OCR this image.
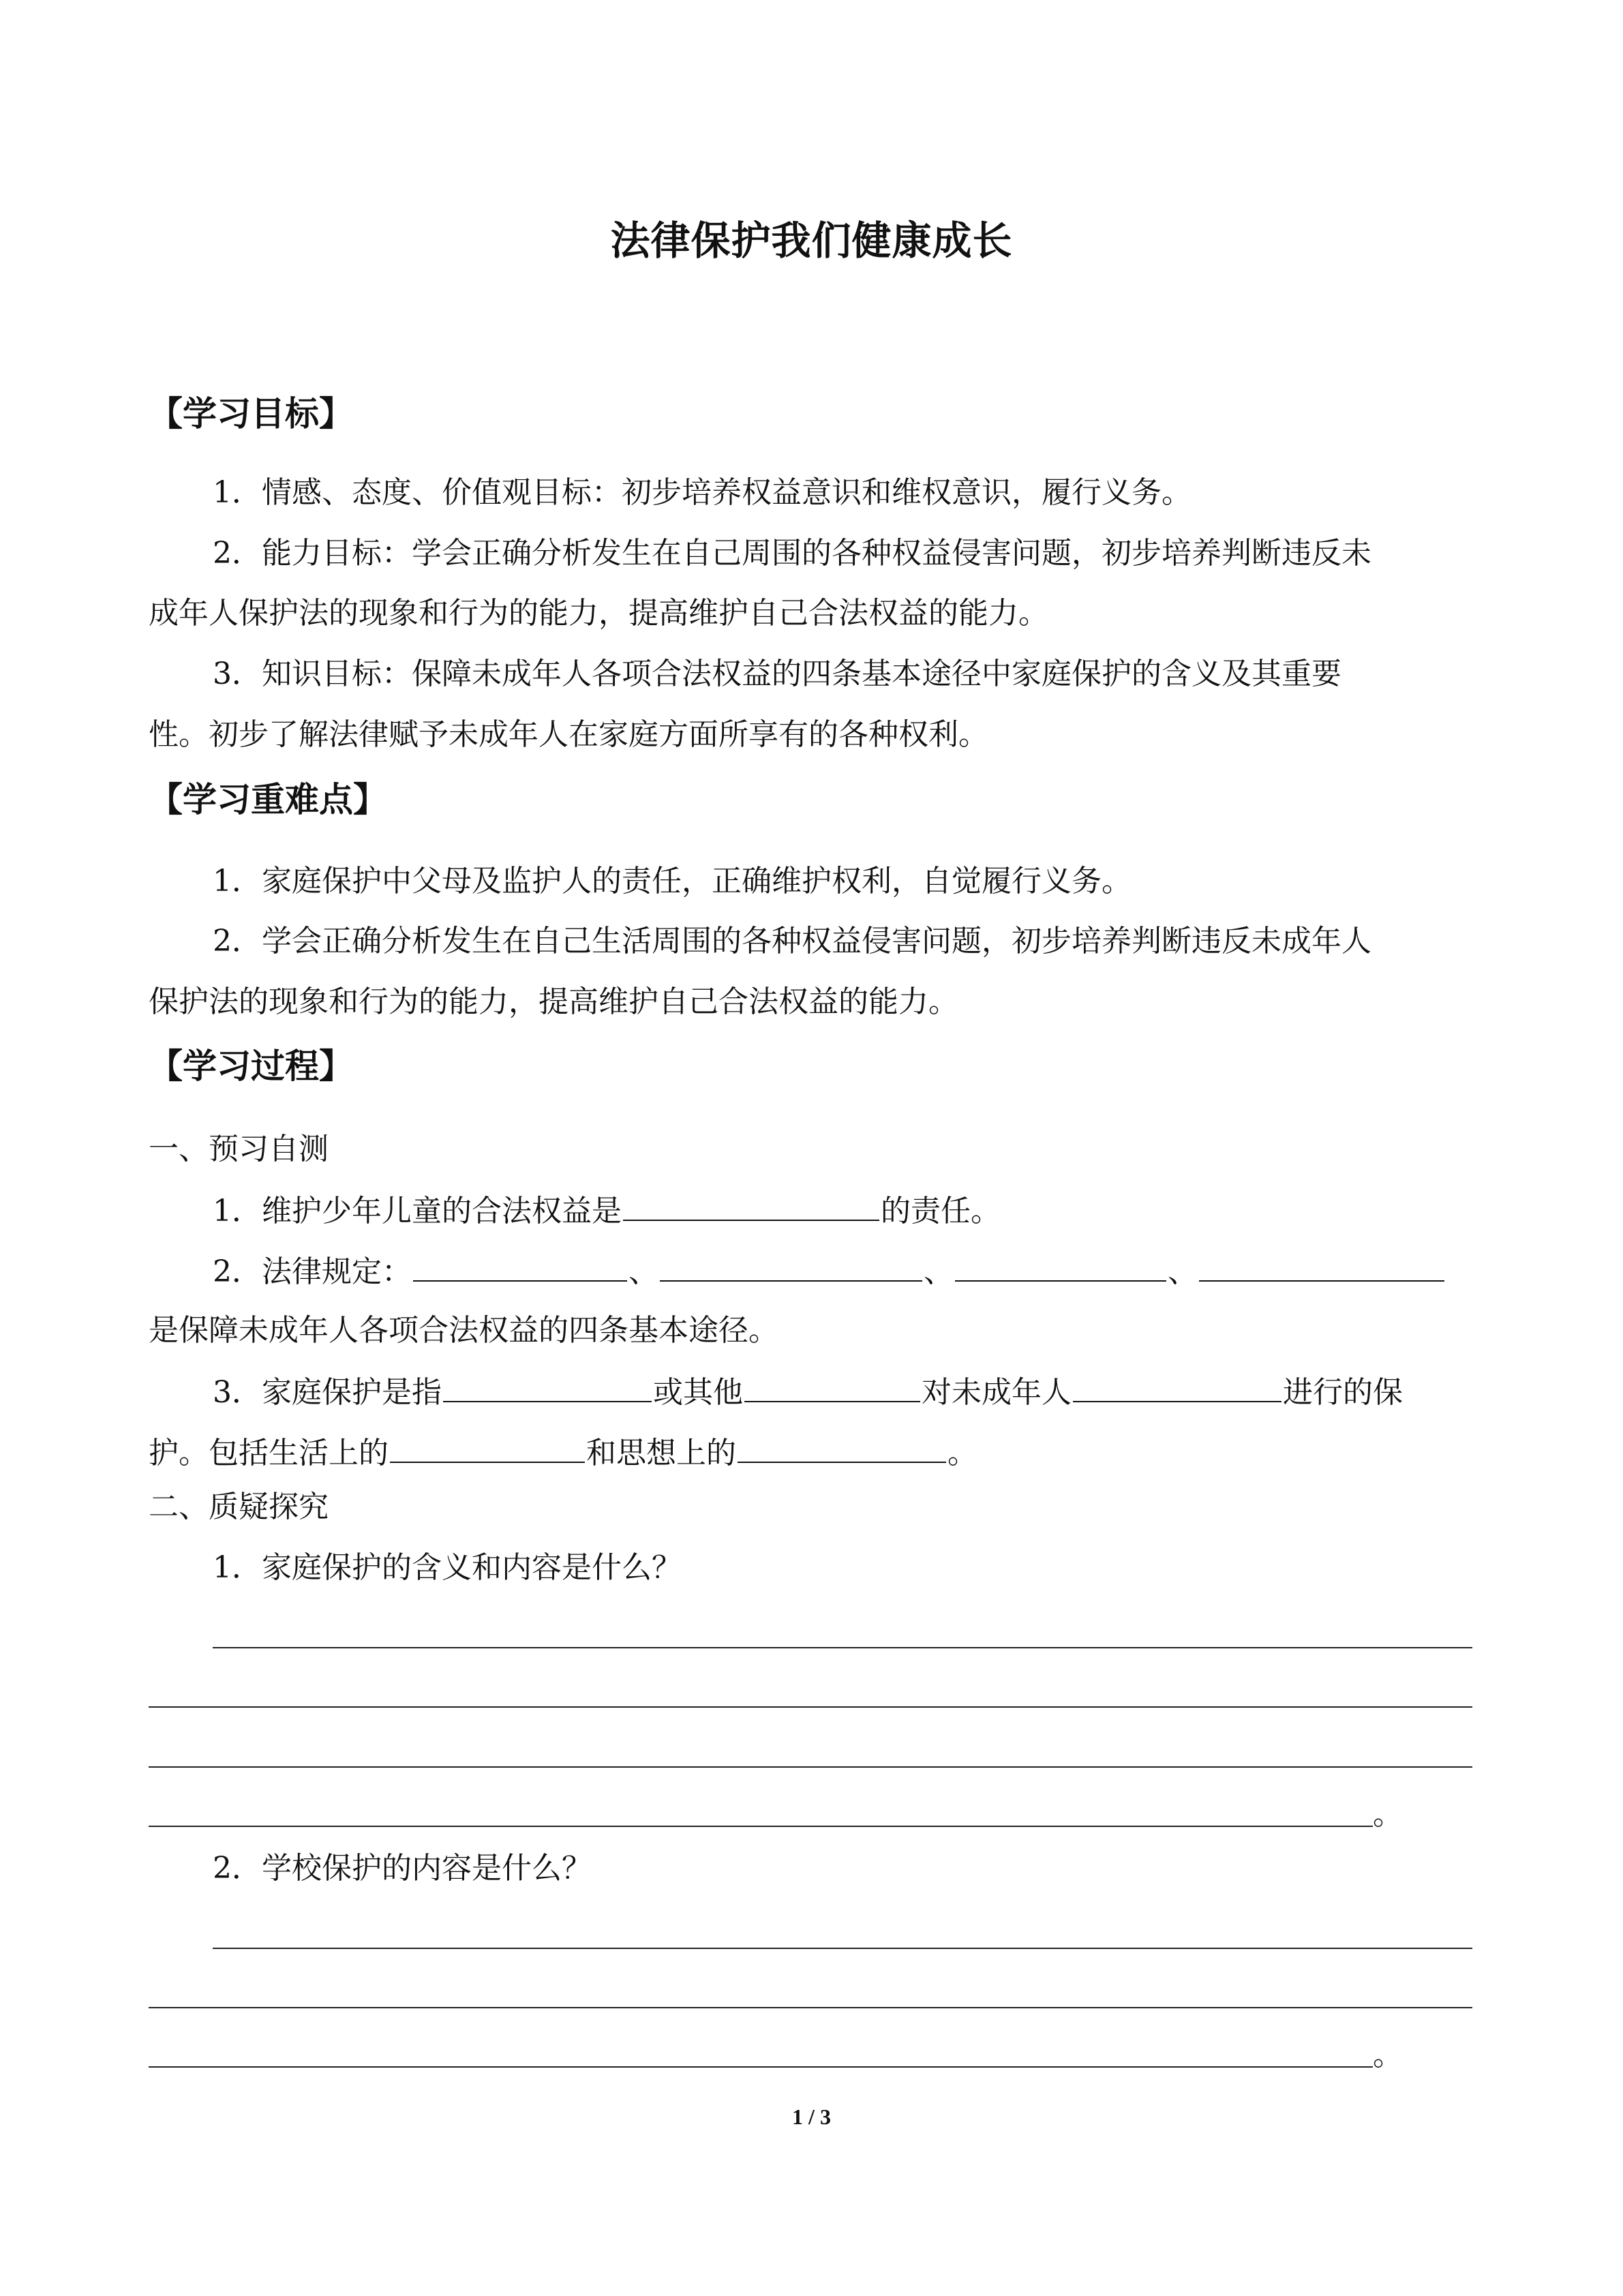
法律保护我们健康成长
【学习目标】
1．情感、态度、价值观目标：初步培养权益意识和维权意识，履行义务。
2．能力目标：学会正确分析发生在自己周围的各种权益侵害问题，初步培养判断违反未
成年人保护法的现象和行为的能力，提高维护自己合法权益的能力。
3．知识目标：保障未成年人各项合法权益的四条基本途径中家庭保护的含义及其重要
性。初步了解法律赋予未成年人在家庭方面所享有的各种权利。
【学习重难点】
1．家庭保护中父母及监护人的责任，正确维护权利，自觉履行义务。
2．学会正确分析发生在自己生活周围的各种权益侵害问题，初步培养判断违反未成年人
保护法的现象和行为的能力，提高维护自己合法权益的能力。
【学习过程】
一、预习自测
1．维护少年儿童的合法权益是	的责任。
2．法律规定：	、	、	、
是保障未成年人各项合法权益的四条基本途径。
3．家庭保护是指	或其他	对未成年人	进行的保
护。包括生活上的	和思想上的	。
二、质疑探究
1．家庭保护的含义和内容是什么？
。
2．学校保护的内容是什么？
。
1 / 3
